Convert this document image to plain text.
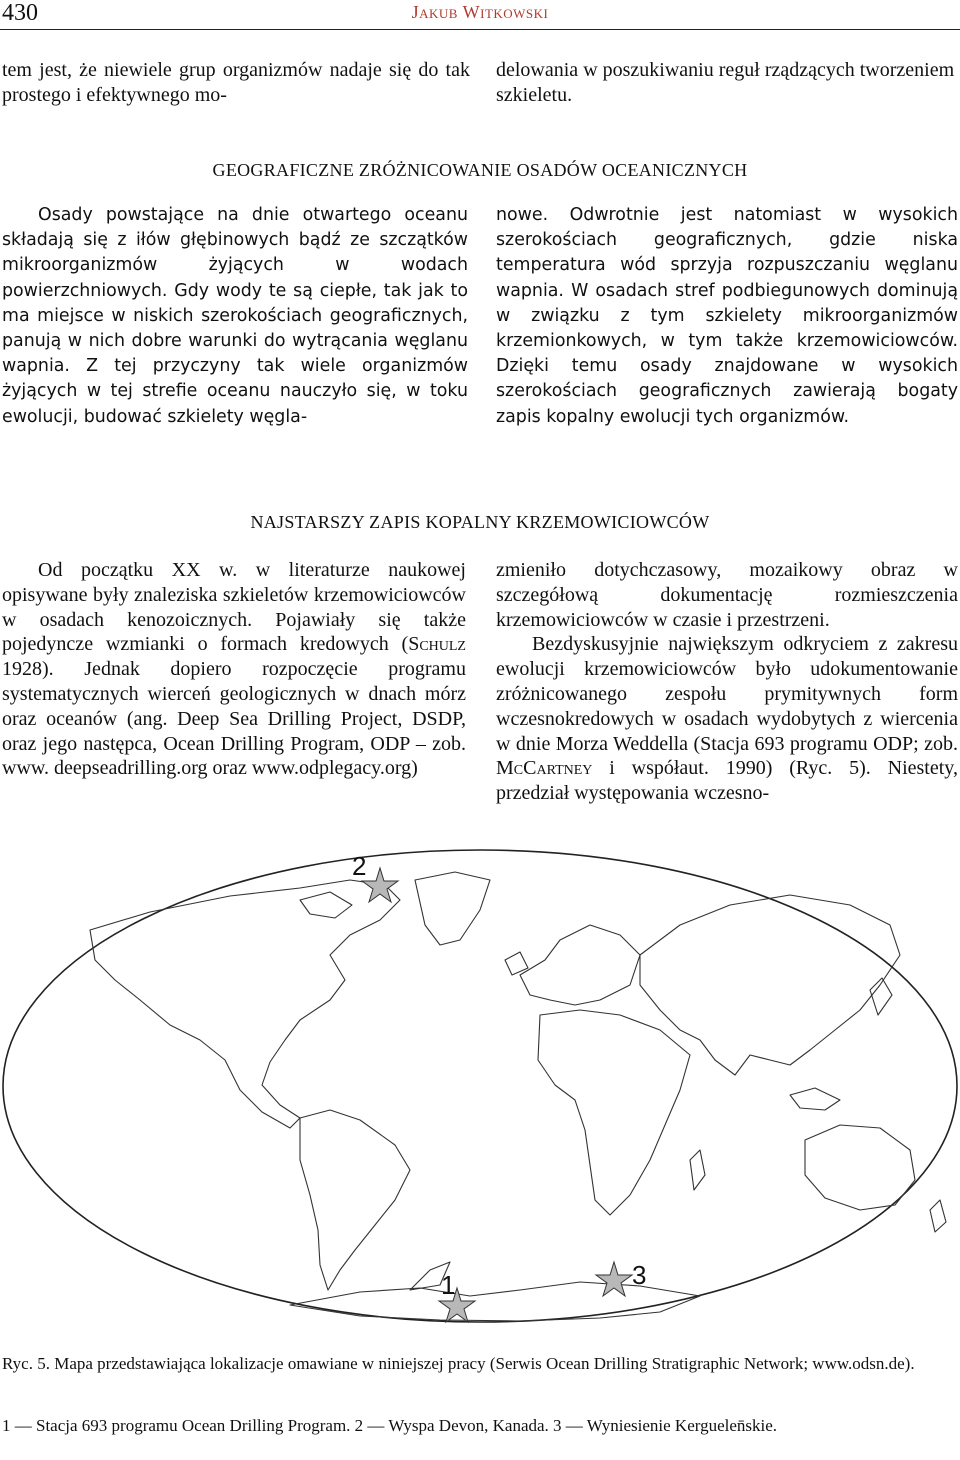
430	Jakub Witkowski

tem jest, że niewiele grup organizmów nadaje się do tak prostego i efektywnego mo-

delowania w poszukiwaniu reguł rządzących tworzeniem szkieletu.

GEOGRAFICZNE ZRÓŻNICOWANIE OSADÓW OCEANICZNYCH

Osady powstające na dnie otwartego oceanu składają się z iłów głębinowych bądź ze szczątków mikroorganizmów żyjących w wodach powierzchniowych. Gdy wody te są ciepłe, tak jak to ma miejsce w niskich szerokościach geograficznych, panują w nich dobre warunki do wytrącania węglanu wapnia. Z tej przyczyny tak wiele organizmów żyjących w tej strefie oceanu nauczyło się, w toku ewolucji, budować szkielety węgla-

nowe. Odwrotnie jest natomiast w wysokich szerokościach geograficznych, gdzie niska temperatura wód sprzyja rozpuszczaniu węglanu wapnia. W osadach stref podbiegunowych dominują w związku z tym szkielety mikroorganizmów krzemionkowych, w tym także krzemowiciowców. Dzięki temu osady znajdowane w wysokich szerokościach geograficznych zawierają bogaty zapis kopalny ewolucji tych organizmów.

NAJSTARSZY ZAPIS KOPALNY KRZEMOWICIOWCÓW

Od początku XX w. w literaturze naukowej opisywane były znaleziska szkieletów krzemowiciowców w osadach kenozoicznych. Pojawiały się także pojedyncze wzmianki o formach kredowych (Schulz 1928). Jednak dopiero rozpoczęcie programu systematycznych wierceń geologicznych w dnach mórz oraz oceanów (ang. Deep Sea Drilling Project, DSDP, oraz jego następca, Ocean Drilling Program, ODP – zob. www. deepseadrilling.org oraz www.odplegacy.org)

zmieniło dotychczasowy, mozaikowy obraz w szczegółową dokumentację rozmieszczenia krzemowiciowców w czasie i przestrzeni.

Bezdyskusyjnie największym odkryciem z zakresu ewolucji krzemowiciowców było udokumentowanie zróżnicowanego zespołu prymitywnych form wczesnokredowych w osadach wydobytych z wiercenia w dnie Morza Weddella (Stacja 693 programu ODP; zob. McCartney i współaut. 1990) (Ryc. 5). Niestety, przedział występowania wczesno-

1
2
3

Ryc. 5. Mapa przedstawiająca lokalizacje omawiane w niniejszej pracy (Serwis Ocean Drilling Stratigraphic Network; www.odsn.de).

1 — Stacja 693 programu Ocean Drilling Program. 2 — Wyspa Devon, Kanada. 3 — Wyniesienie Kerguelen̄skie.
